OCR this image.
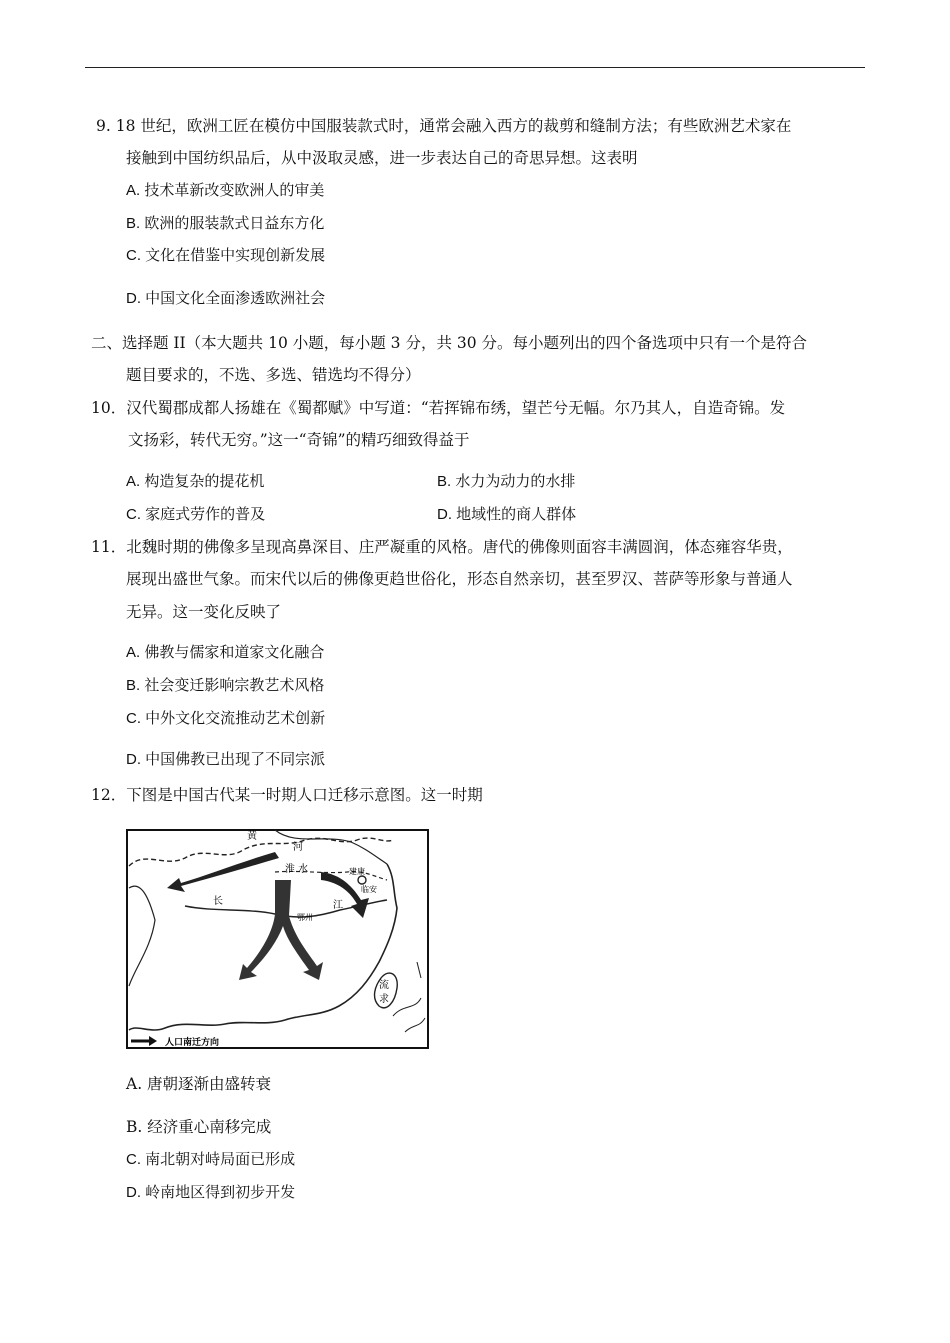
9. 18 世纪，欧洲工匠在模仿中国服装款式时，通常会融入西方的裁剪和缝制方法；有些欧洲艺术家在
接触到中国纺织品后，从中汲取灵感，进一步表达自己的奇思异想。这表明
A. 技术革新改变欧洲人的审美
B. 欧洲的服装款式日益东方化
C. 文化在借鉴中实现创新发展
D. 中国文化全面渗透欧洲社会
二、选择题 II（本大题共 10 小题，每小题 3 分，共 30 分。每小题列出的四个备选项中只有一个是符合
题目要求的，不选、多选、错选均不得分）
10．汉代蜀郡成都人扬雄在《蜀都赋》中写道：“若挥锦布绣，望芒兮无幅。尔乃其人，自造奇锦。发
文扬彩，转代无穷。”这一“奇锦”的精巧细致得益于
A. 构造复杂的提花机	B. 水力为动力的水排
C. 家庭式劳作的普及	D. 地域性的商人群体
11．北魏时期的佛像多呈现高鼻深目、庄严凝重的风格。唐代的佛像则面容丰满圆润，体态雍容华贵，
展现出盛世气象。而宋代以后的佛像更趋世俗化，形态自然亲切，甚至罗汉、菩萨等形象与普通人
无异。这一变化反映了
A. 佛教与儒家和道家文化融合
B. 社会变迁影响宗教艺术风格
C. 中外文化交流推动艺术创新
D. 中国佛教已出现了不同宗派
12．下图是中国古代某一时期人口迁移示意图。这一时期
黄
河
淮 水	建康
临安
长	江
鄂州
流
求
人口南迁方向
A. 唐朝逐渐由盛转衰
B. 经济重心南移完成
C. 南北朝对峙局面已形成
D. 岭南地区得到初步开发
